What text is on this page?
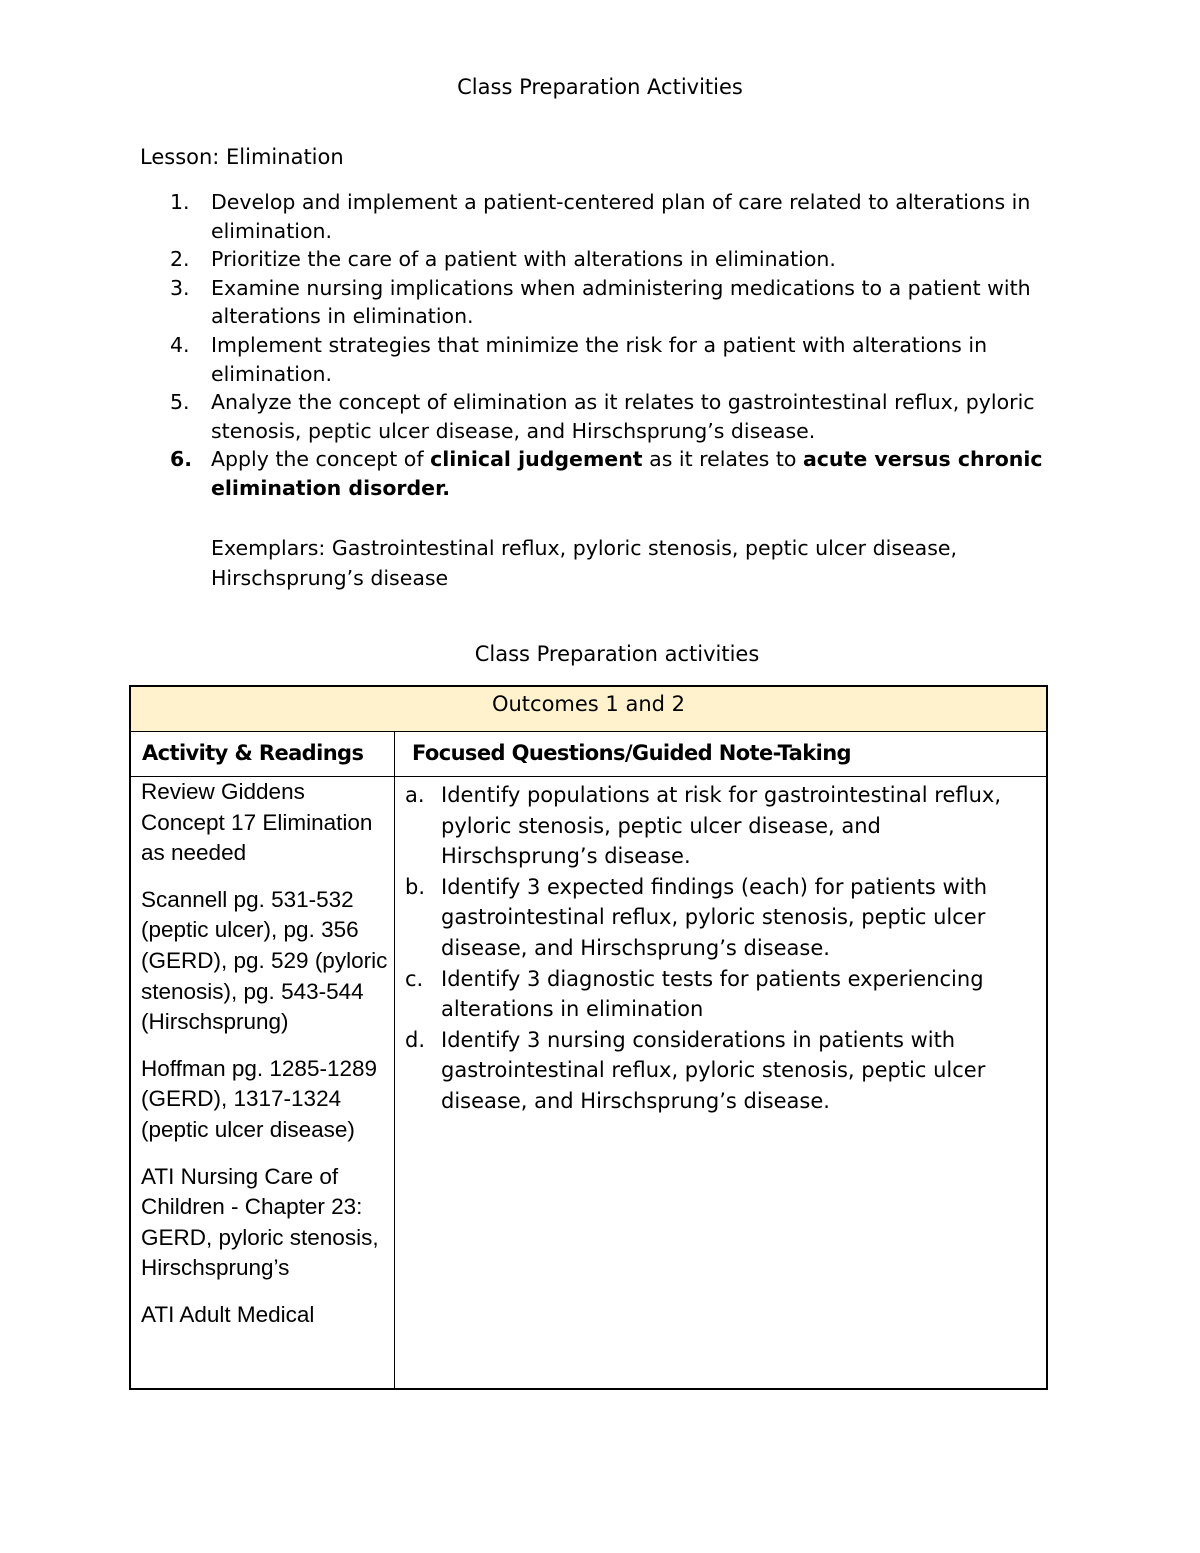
Class Preparation Activities
Lesson: Elimination
1. Develop and implement a patient-centered plan of care related to alterations in elimination.
2. Prioritize the care of a patient with alterations in elimination.
3. Examine nursing implications when administering medications to a patient with alterations in elimination.
4. Implement strategies that minimize the risk for a patient with alterations in elimination.
5. Analyze the concept of elimination as it relates to gastrointestinal reflux, pyloric stenosis, peptic ulcer disease, and Hirschsprung’s disease.
6. Apply the concept of clinical judgement as it relates to acute versus chronic elimination disorder.
Exemplars: Gastrointestinal reflux, pyloric stenosis, peptic ulcer disease, Hirschsprung’s disease
Class Preparation activities
Outcomes 1 and 2
Activity & Readings Focused Questions/Guided Note-Taking

Review Giddens Concept 17 Elimination as needed

Scannell pg. 531-532 (peptic ulcer), pg. 356 (GERD), pg. 529 (pyloric stenosis), pg. 543-544 (Hirschsprung)

Hoffman pg. 1285-1289 (GERD), 1317-1324 (peptic ulcer disease)

ATI Nursing Care of Children - Chapter 23: GERD, pyloric stenosis, Hirschsprung’s

ATI Adult Medical

a. Identify populations at risk for gastrointestinal reflux, pyloric stenosis, peptic ulcer disease, and Hirschsprung’s disease.
b. Identify 3 expected findings (each) for patients with gastrointestinal reflux, pyloric stenosis, peptic ulcer disease, and Hirschsprung’s disease.
c. Identify 3 diagnostic tests for patients experiencing alterations in elimination
d. Identify 3 nursing considerations in patients with gastrointestinal reflux, pyloric stenosis, peptic ulcer disease, and Hirschsprung’s disease.
